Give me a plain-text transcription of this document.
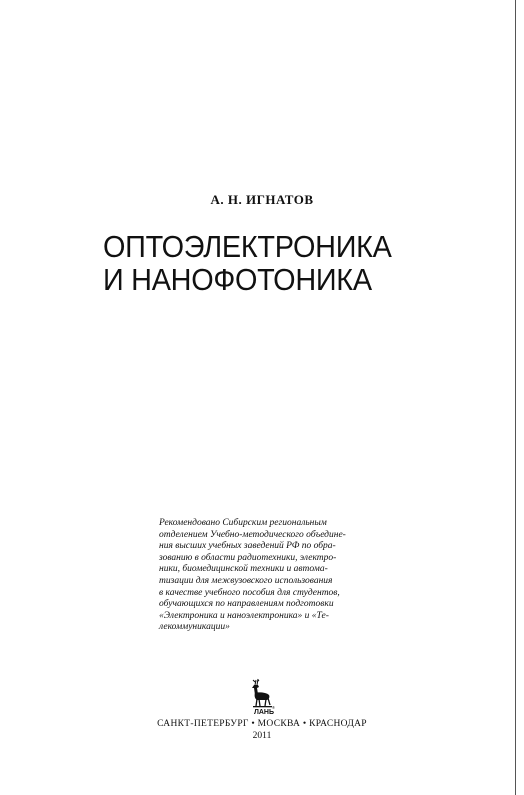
А. Н. ИГНАТОВ
ОПТОЭЛЕКТРОНИКА
И НАНОФОТОНИКА
Рекомендовано Сибирским региональным
отделением Учебно-методического объедине-
ния высших учебных заведений РФ по обра-
зованию в области радиотехники, электро-
ники, биомедицинской техники и автома-
тизации для межвузовского использования
в качестве учебного пособия для студентов,
обучающихся по направлениям подготовки
«Электроника и наноэлектроника» и «Те-
лекоммуникации»
ЛАНЬ
®
САНКТ-ПЕТЕРБУРГ • МОСКВА • КРАСНОДАР
2011
